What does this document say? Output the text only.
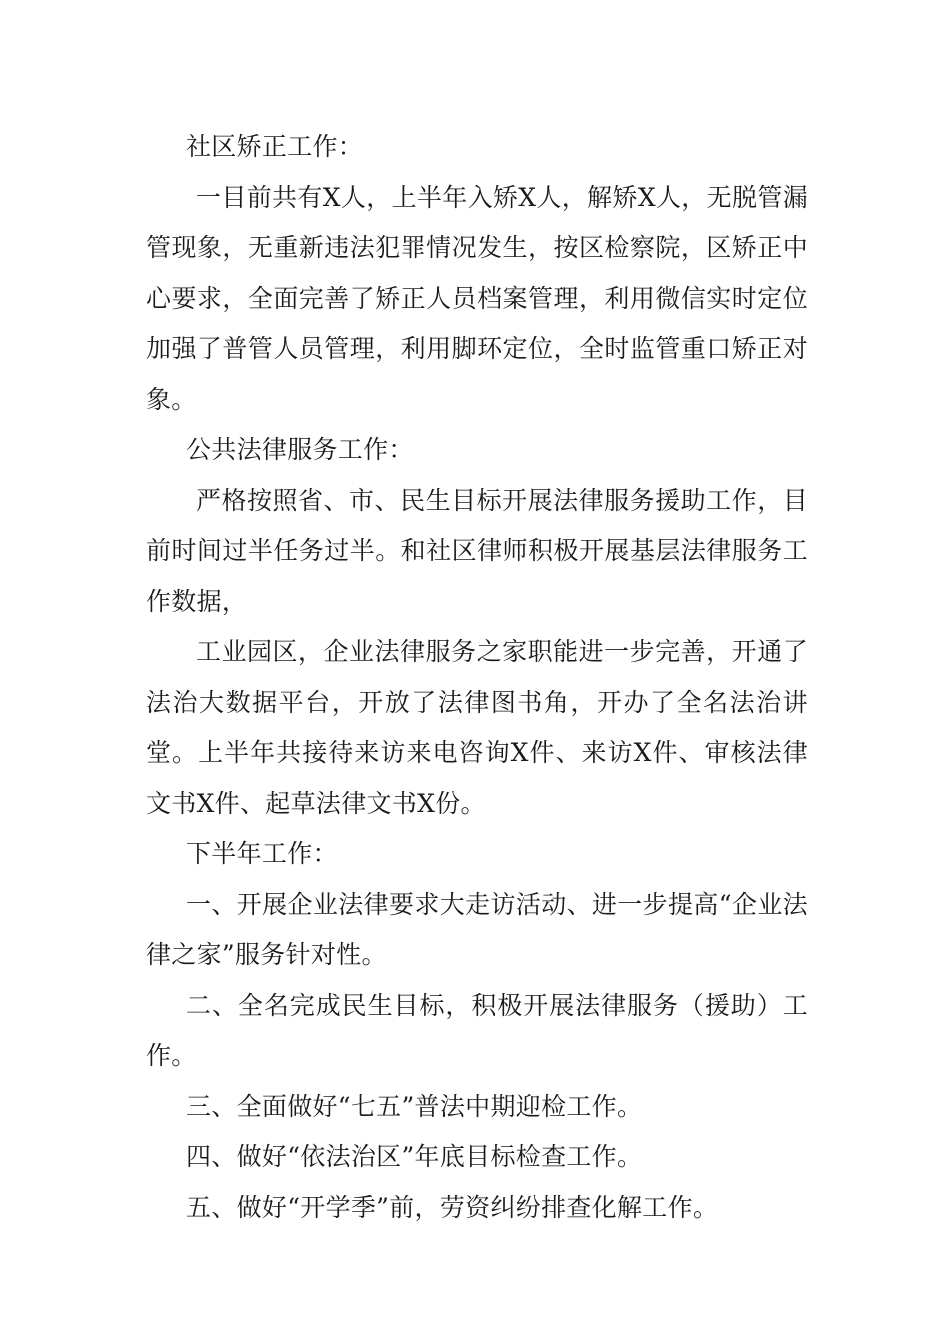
社区矫正工作：

一目前共有X人，上半年入矫X人，解矫X人，无脱管漏管现象，无重新违法犯罪情况发生，按区检察院，区矫正中心要求，全面完善了矫正人员档案管理，利用微信实时定位加强了普管人员管理，利用脚环定位，全时监管重口矫正对象。

公共法律服务工作：

严格按照省、市、民生目标开展法律服务援助工作，目前时间过半任务过半。和社区律师积极开展基层法律服务工作数据，

工业园区，企业法律服务之家职能进一步完善，开通了法治大数据平台，开放了法律图书角，开办了全名法治讲堂。上半年共接待来访来电咨询X件、来访X件、审核法律文书X件、起草法律文书X份。

下半年工作：

一、开展企业法律要求大走访活动、进一步提高“企业法律之家”服务针对性。

二、全名完成民生目标，积极开展法律服务（援助）工作。

三、全面做好“七五”普法中期迎检工作。

四、做好“依法治区”年底目标检查工作。

五、做好“开学季”前，劳资纠纷排查化解工作。
